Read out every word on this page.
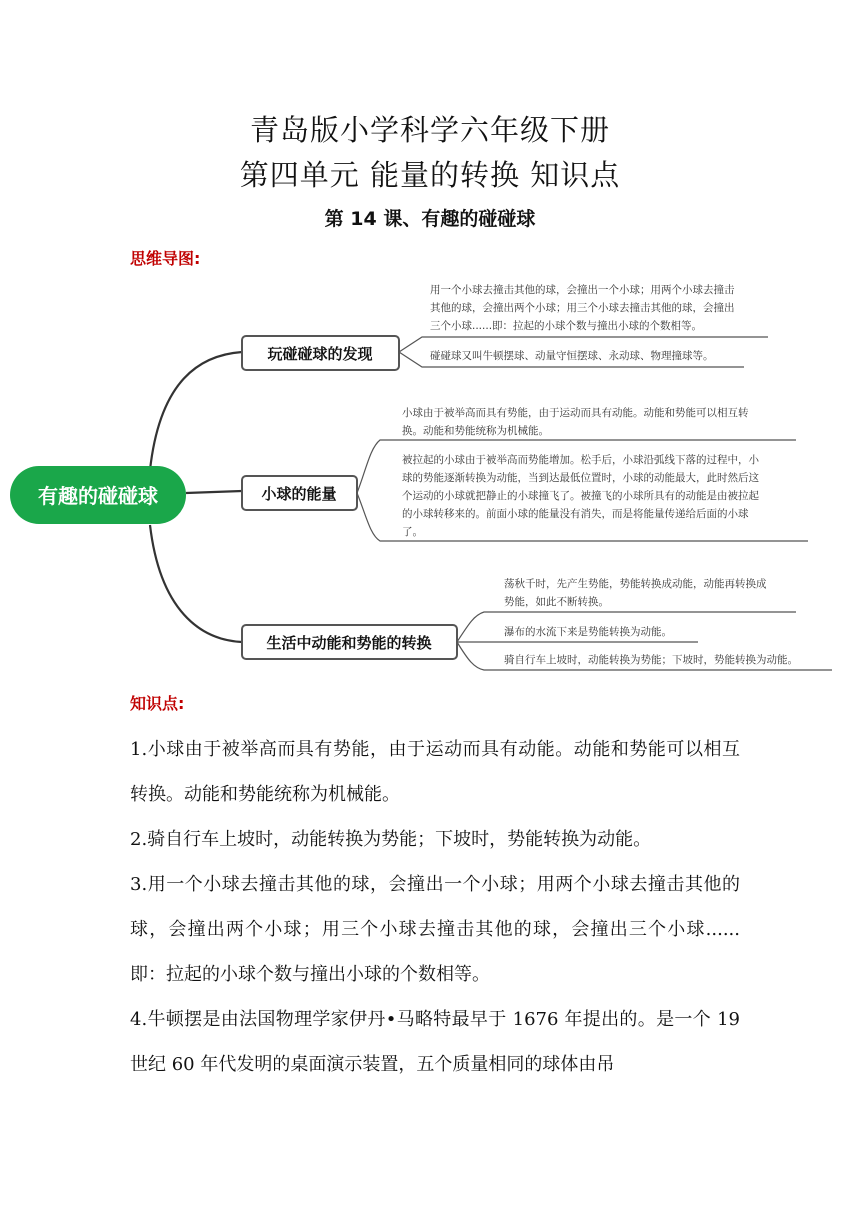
青岛版小学科学六年级下册
第四单元 能量的转换 知识点
第 14 课、有趣的碰碰球
思维导图:
有趣的碰碰球
玩碰碰球的发现
小球的能量
生活中动能和势能的转换
用一个小球去撞击其他的球，会撞出一个小球；用两个小球去撞击
其他的球，会撞出两个小球；用三个小球去撞击其他的球，会撞出
三个小球......即：拉起的小球个数与撞出小球的个数相等。
碰碰球又叫牛顿摆球、动量守恒摆球、永动球、物理撞球等。
小球由于被举高而具有势能，由于运动而具有动能。动能和势能可以相互转
换。动能和势能统称为机械能。
被拉起的小球由于被举高而势能增加。松手后，小球沿弧线下落的过程中，小
球的势能逐渐转换为动能，当到达最低位置时，小球的动能最大，此时然后这
个运动的小球就把静止的小球撞飞了。被撞飞的小球所具有的动能是由被拉起
的小球转移来的。前面小球的能量没有消失，而是将能量传递给后面的小球
了。
荡秋千时，先产生势能，势能转换成动能，动能再转换成
势能，如此不断转换。
瀑布的水流下来是势能转换为动能。
骑自行车上坡时，动能转换为势能；下坡时，势能转换为动能。
知识点:

1.小球由于被举高而具有势能，由于运动而具有动能。动能和势能可以相互转换。动能和势能统称为机械能。

2.骑自行车上坡时，动能转换为势能；下坡时，势能转换为动能。

3.用一个小球去撞击其他的球，会撞出一个小球；用两个小球去撞击其他的球，会撞出两个小球；用三个小球去撞击其他的球，会撞出三个小球......即：拉起的小球个数与撞出小球的个数相等。

4.牛顿摆是由法国物理学家伊丹•马略特最早于 1676 年提出的。是一个 19 世纪 60 年代发明的桌面演示装置，五个质量相同的球体由吊
